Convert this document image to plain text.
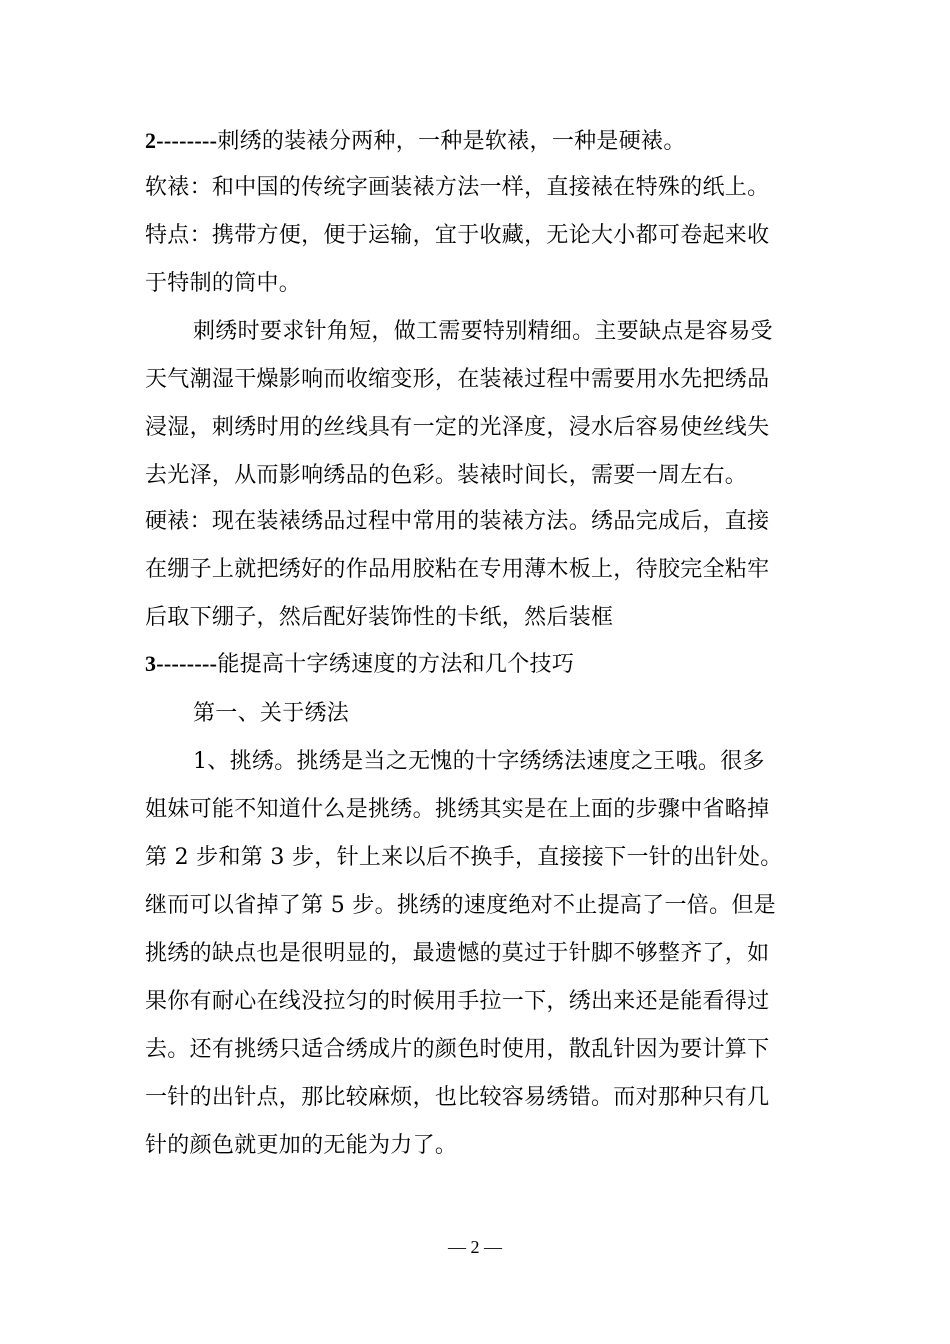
2--------刺绣的装裱分两种，一种是软裱，一种是硬裱。
软裱：和中国的传统字画装裱方法一样，直接裱在特殊的纸上。
特点：携带方便，便于运输，宜于收藏，无论大小都可卷起来收
于特制的筒中。
刺绣时要求针角短，做工需要特别精细。主要缺点是容易受
天气潮湿干燥影响而收缩变形，在装裱过程中需要用水先把绣品
浸湿，刺绣时用的丝线具有一定的光泽度，浸水后容易使丝线失
去光泽，从而影响绣品的色彩。装裱时间长，需要一周左右。
硬裱：现在装裱绣品过程中常用的装裱方法。绣品完成后，直接
在绷子上就把绣好的作品用胶粘在专用薄木板上，待胶完全粘牢
后取下绷子，然后配好装饰性的卡纸，然后装框
3--------能提高十字绣速度的方法和几个技巧
第一、关于绣法
1、挑绣。挑绣是当之无愧的十字绣绣法速度之王哦。很多
姐妹可能不知道什么是挑绣。挑绣其实是在上面的步骤中省略掉
第 2 步和第 3 步，针上来以后不换手，直接接下一针的出针处。
继而可以省掉了第 5 步。挑绣的速度绝对不止提高了一倍。但是
挑绣的缺点也是很明显的，最遗憾的莫过于针脚不够整齐了，如
果你有耐心在线没拉匀的时候用手拉一下，绣出来还是能看得过
去。还有挑绣只适合绣成片的颜色时使用，散乱针因为要计算下
一针的出针点，那比较麻烦，也比较容易绣错。而对那种只有几
针的颜色就更加的无能为力了。
— 2 —
